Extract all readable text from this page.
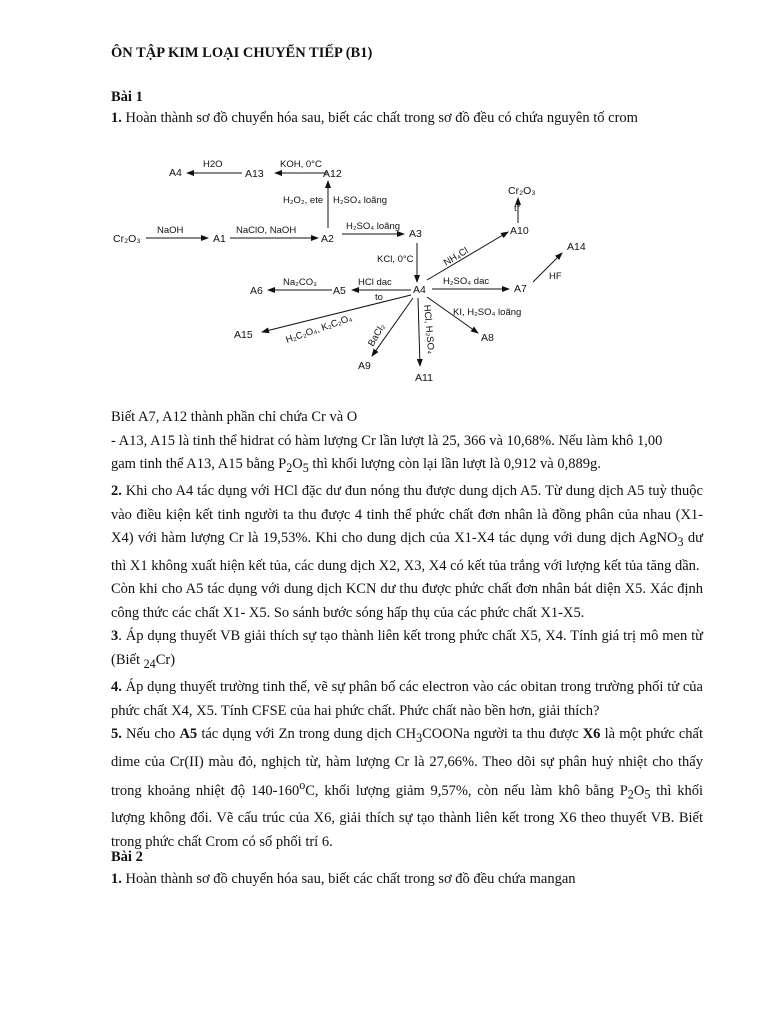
ÔN TẬP KIM LOẠI CHUYỂN TIẾP (B1)
Bài 1
1. Hoàn thành sơ đồ chuyển hóa sau, biết các chất trong sơ đồ đều có chứa nguyên tố crom
Cr₂O₃	A1	A2	A3
A4
A5
A6	A7
A8
A9
A10
A11
A12
A13
A14
A15
A4
Cr₂O₃
NaOH	NaClO, NaOH	H₂SO₄ loãng
KOH, 0°C
H2O
H₂O₂, ete H₂SO₄ loãng
t°
KCl, 0°C	NH₄Cl
H₂SO₄ dac	HF
KI, H₂SO₄ loãng
Na₂CO₃	HCl dac
to
H₂C₂O₄, K₂C₂O₄ BaCl₂	HCl, H₂SO₄

Biết A7, A12 thành phần chỉ chứa Cr và O

- A13, A15 là tinh thể hidrat có hàm lượng Cr lần lượt là 25, 366 và 10,68%. Nếu làm khô 1,00

gam tinh thể A13, A15 bằng $P_2O_5$ thì khối lượng còn lại lần lượt là 0,912 và 0,889g.

2. Khi cho A4 tác dụng với HCl đặc dư đun nóng thu được dung dịch A5. Từ dung dịch A5 tuỳ thuộc vào điều kiện kết tinh người ta thu được 4 tinh thể phức chất đơn nhân là đồng phân của nhau (X1-X4) với hàm lượng Cr là 19,53%. Khi cho dung dịch của X1-X4 tác dụng với dung dịch AgNO$_3$ dư thì X1 không xuất hiện kết tủa, các dung dịch X2, X3, X4 có kết tủa trắng với lượng kết tủa tăng dần.

Còn khi cho A5 tác dụng với dung dịch KCN dư thu được phức chất đơn nhân bát diện X5. Xác định công thức các chất X1- X5. So sánh bước sóng hấp thụ của các phức chất X1-X5.

3. Áp dụng thuyết VB giải thích sự tạo thành liên kết trong phức chất X5, X4. Tính giá trị mô men từ (Biết $_{24}$Cr)

4. Áp dụng thuyết trường tinh thể, vẽ sự phân bố các electron vào các obitan trong trường phối tử của phức chất X4, X5. Tính CFSE của hai phức chất. Phức chất nào bền hơn, giải thích?

5. Nếu cho A5 tác dụng với Zn trong dung dịch $CH_3COONa$ người ta thu được X6 là một phức chất dime của Cr(II) màu đỏ, nghịch từ, hàm lượng Cr là 27,66%. Theo dõi sự phân huỷ nhiệt cho thấy trong khoảng nhiệt độ 140-160$^o$C, khối lượng giảm 9,57%, còn nếu làm khô bằng $P_2O_5$ thì khối lượng không đổi. Vẽ cấu trúc của X6, giải thích sự tạo thành liên kết trong X6 theo thuyết VB. Biết trong phức chất Crom có số phối trí 6.

Bài 2
1. Hoàn thành sơ đồ chuyển hóa sau, biết các chất trong sơ đồ đều chứa mangan
